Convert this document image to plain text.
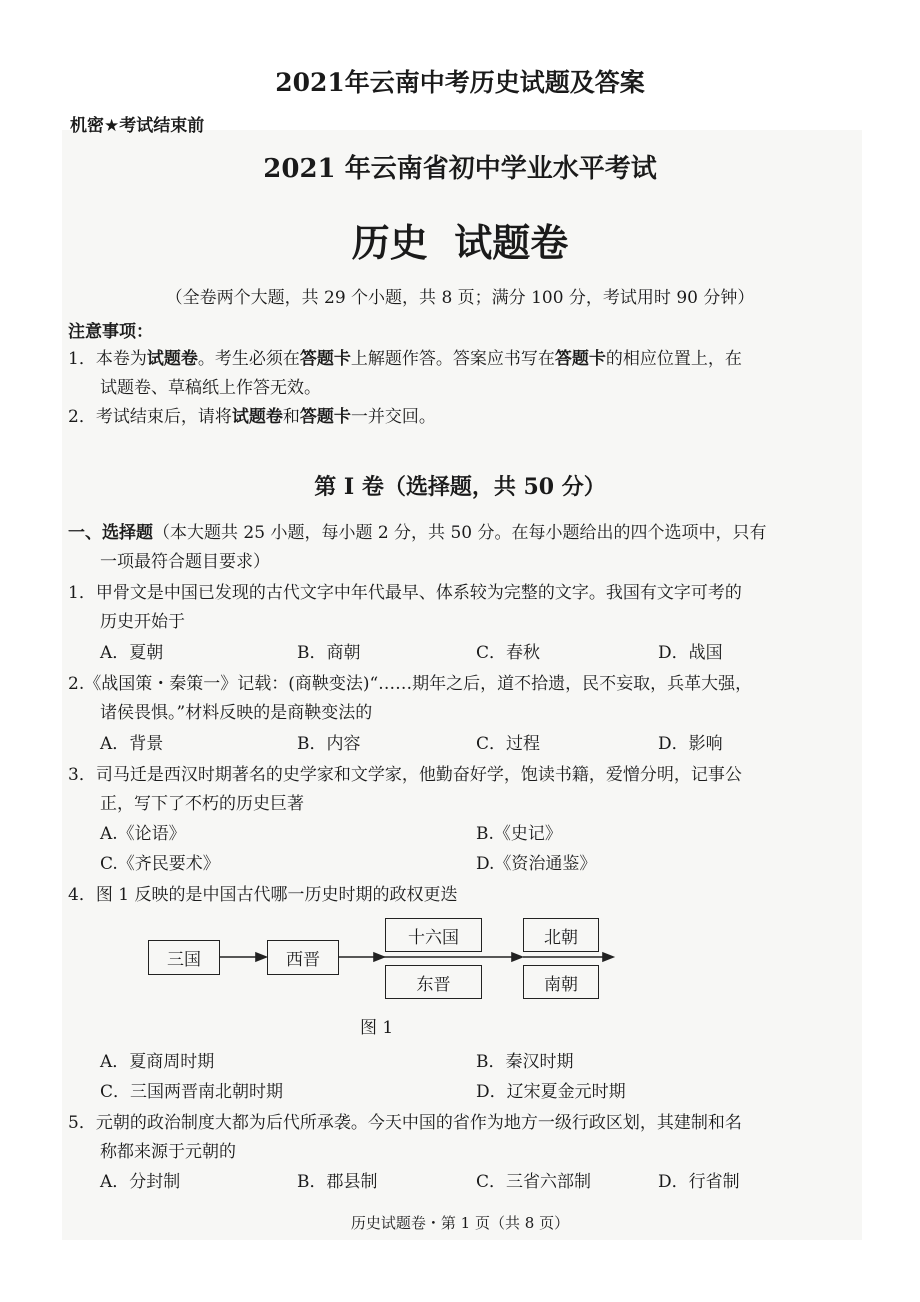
2021年云南中考历史试题及答案
机密★考试结束前
2021 年云南省初中学业水平考试
历史  试题卷
（全卷两个大题，共 29 个小题，共 8 页；满分 100 分，考试用时 90 分钟）
注意事项：
1．本卷为试题卷。考生必须在答题卡上解题作答。答案应书写在答题卡的相应位置上，在
试题卷、草稿纸上作答无效。
2．考试结束后，请将试题卷和答题卡一并交回。
第 I 卷（选择题，共 50 分）
一、选择题（本大题共 25 小题，每小题 2 分，共 50 分。在每小题给出的四个选项中，只有
一项最符合题目要求）
1．甲骨文是中国已发现的古代文字中年代最早、体系较为完整的文字。我国有文字可考的
历史开始于
A．夏朝	B．商朝	C．春秋	D．战国
2.《战国策・秦策一》记载：(商鞅变法)“……期年之后，道不拾遗，民不妄取，兵革大强，
诸侯畏惧。”材料反映的是商鞅变法的
A．背景	B．内容	C．过程	D．影响
3．司马迁是西汉时期著名的史学家和文学家，他勤奋好学，饱读书籍，爱憎分明，记事公
正，写下了不朽的历史巨著
A.《论语》	B.《史记》
C.《齐民要术》	D.《资治通鉴》
4．图 1 反映的是中国古代哪一历史时期的政权更迭
三国	西晋
十六国
东晋
北朝
南朝
图 1
A．夏商周时期	B．秦汉时期
C．三国两晋南北朝时期	D．辽宋夏金元时期
5．元朝的政治制度大都为后代所承袭。今天中国的省作为地方一级行政区划，其建制和名
称都来源于元朝的
A．分封制	B．郡县制	C．三省六部制	D．行省制
历史试题卷・第 1 页（共 8 页）
